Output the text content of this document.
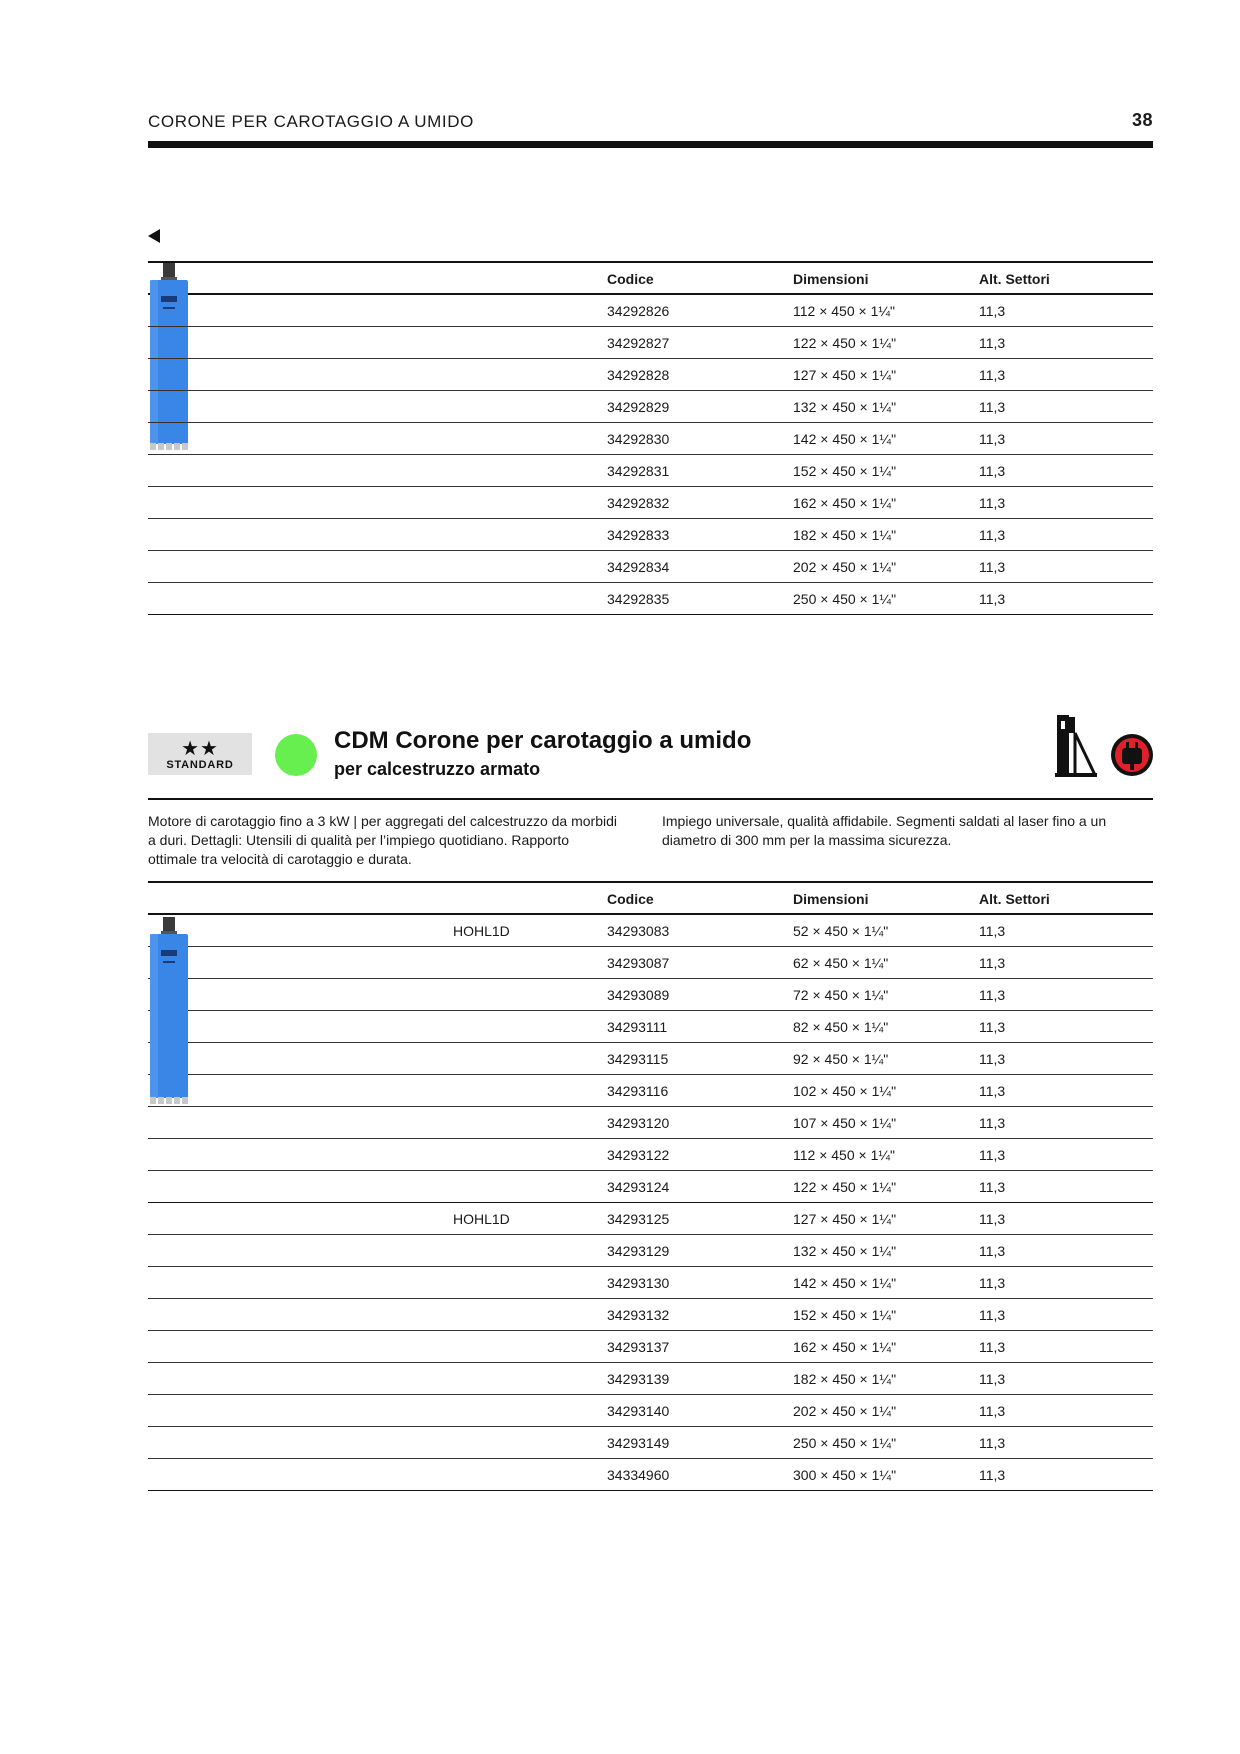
CORONE PER CAROTAGGIO A UMIDO	38
Codice	Dimensioni	Alt. Settori
34292826	112 × 450 × 1¼"	11,3
34292827	122 × 450 × 1¼"	11,3
34292828	127 × 450 × 1¼"	11,3
34292829	132 × 450 × 1¼"	11,3
34292830	142 × 450 × 1¼"	11,3
34292831	152 × 450 × 1¼"	11,3
34292832	162 × 450 × 1¼"	11,3
34292833	182 × 450 × 1¼"	11,3
34292834	202 × 450 × 1¼"	11,3
34292835	250 × 450 × 1¼"	11,3
★★
STANDARD
CDM Corone per carotaggio a umido
per calcestruzzo armato
Motore di carotaggio fino a 3 kW | per aggregati del calcestruzzo da morbidi a duri. Dettagli: Utensili di qualità per l’impiego quotidiano. Rapporto ottimale tra velocità di carotaggio e durata.
Impiego universale, qualità affidabile. Segmenti saldati al laser fino a un diametro di 300 mm per la massima sicurezza.
Codice	Dimensioni	Alt. Settori
HOHL1D	34293083	52 × 450 × 1¼"	11,3
34293087	62 × 450 × 1¼"	11,3
34293089	72 × 450 × 1¼"	11,3
34293111	82 × 450 × 1¼"	11,3
34293115	92 × 450 × 1¼"	11,3
34293116	102 × 450 × 1¼"	11,3
34293120	107 × 450 × 1¼"	11,3
34293122	112 × 450 × 1¼"	11,3
34293124	122 × 450 × 1¼"	11,3
HOHL1D	34293125	127 × 450 × 1¼"	11,3
34293129	132 × 450 × 1¼"	11,3
34293130	142 × 450 × 1¼"	11,3
34293132	152 × 450 × 1¼"	11,3
34293137	162 × 450 × 1¼"	11,3
34293139	182 × 450 × 1¼"	11,3
34293140	202 × 450 × 1¼"	11,3
34293149	250 × 450 × 1¼"	11,3
34334960	300 × 450 × 1¼"	11,3
